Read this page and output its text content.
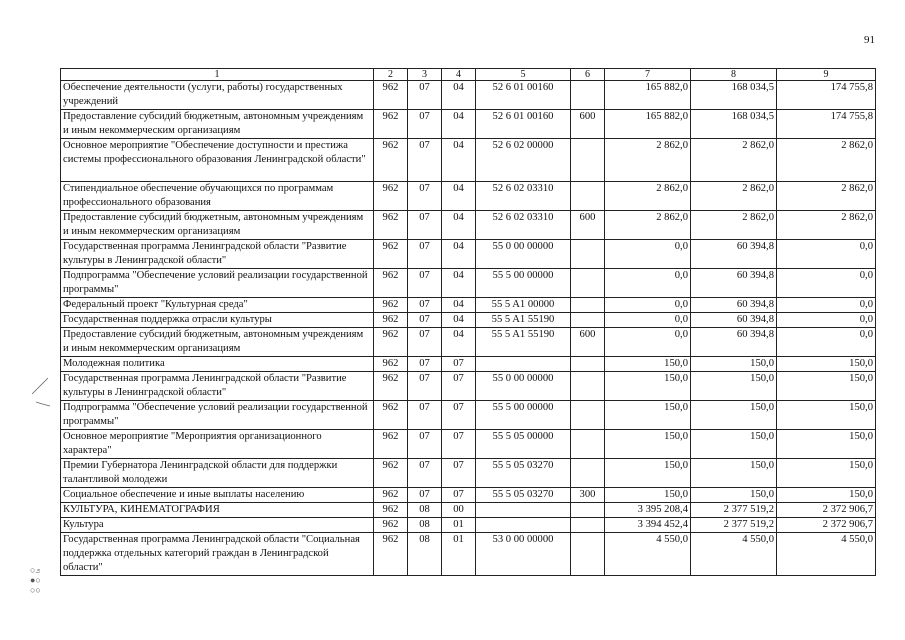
91
1	2	3	4	5	6	7	8	9
Обеспечение деятельности (услуги, работы) государственных учреждений	962	07	04	52 6 01 00160		165 882,0	168 034,5	174 755,8
Предоставление субсидий бюджетным, автономным учреждениям и иным некоммерческим организациям	962	07	04	52 6 01 00160	600	165 882,0	168 034,5	174 755,8
Основное мероприятие "Обеспечение доступности и престижа системы профессионального образования Ленинградской области"	962	07	04	52 6 02 00000		2 862,0	2 862,0	2 862,0
Стипендиальное обеспечение обучающихся по программам профессионального образования	962	07	04	52 6 02 03310		2 862,0	2 862,0	2 862,0
Предоставление субсидий бюджетным, автономным учреждениям и иным некоммерческим организациям	962	07	04	52 6 02 03310	600	2 862,0	2 862,0	2 862,0
Государственная программа Ленинградской области "Развитие культуры в Ленинградской области"	962	07	04	55 0 00 00000		0,0	60 394,8	0,0
Подпрограмма "Обеспечение условий реализации государственной программы"	962	07	04	55 5 00 00000		0,0	60 394,8	0,0
Федеральный проект "Культурная среда"	962	07	04	55 5 A1 00000		0,0	60 394,8	0,0
Государственная поддержка отрасли культуры	962	07	04	55 5 A1 55190		0,0	60 394,8	0,0
Предоставление субсидий бюджетным, автономным учреждениям и иным некоммерческим организациям	962	07	04	55 5 A1 55190	600	0,0	60 394,8	0,0
Молодежная политика	962	07	07			150,0	150,0	150,0
Государственная программа Ленинградской области "Развитие культуры в Ленинградской области"	962	07	07	55 0 00 00000		150,0	150,0	150,0
Подпрограмма "Обеспечение условий реализации государственной программы"	962	07	07	55 5 00 00000		150,0	150,0	150,0
Основное мероприятие "Мероприятия организационного характера"	962	07	07	55 5 05 00000		150,0	150,0	150,0
Премии Губернатора Ленинградской области для поддержки талантливой молодежи	962	07	07	55 5 05 03270		150,0	150,0	150,0
Социальное обеспечение и иные выплаты населению	962	07	07	55 5 05 03270	300	150,0	150,0	150,0
КУЛЬТУРА, КИНЕМАТОГРАФИЯ	962	08	00			3 395 208,4	2 377 519,2	2 372 906,7
Культура	962	08	01			3 394 452,4	2 377 519,2	2 372 906,7
Государственная программа Ленинградской области "Социальная поддержка отдельных категорий граждан в Ленинградской области"	962	08	01	53 0 00 00000		4 550,0	4 550,0	4 550,0
○೨
●○
○○
